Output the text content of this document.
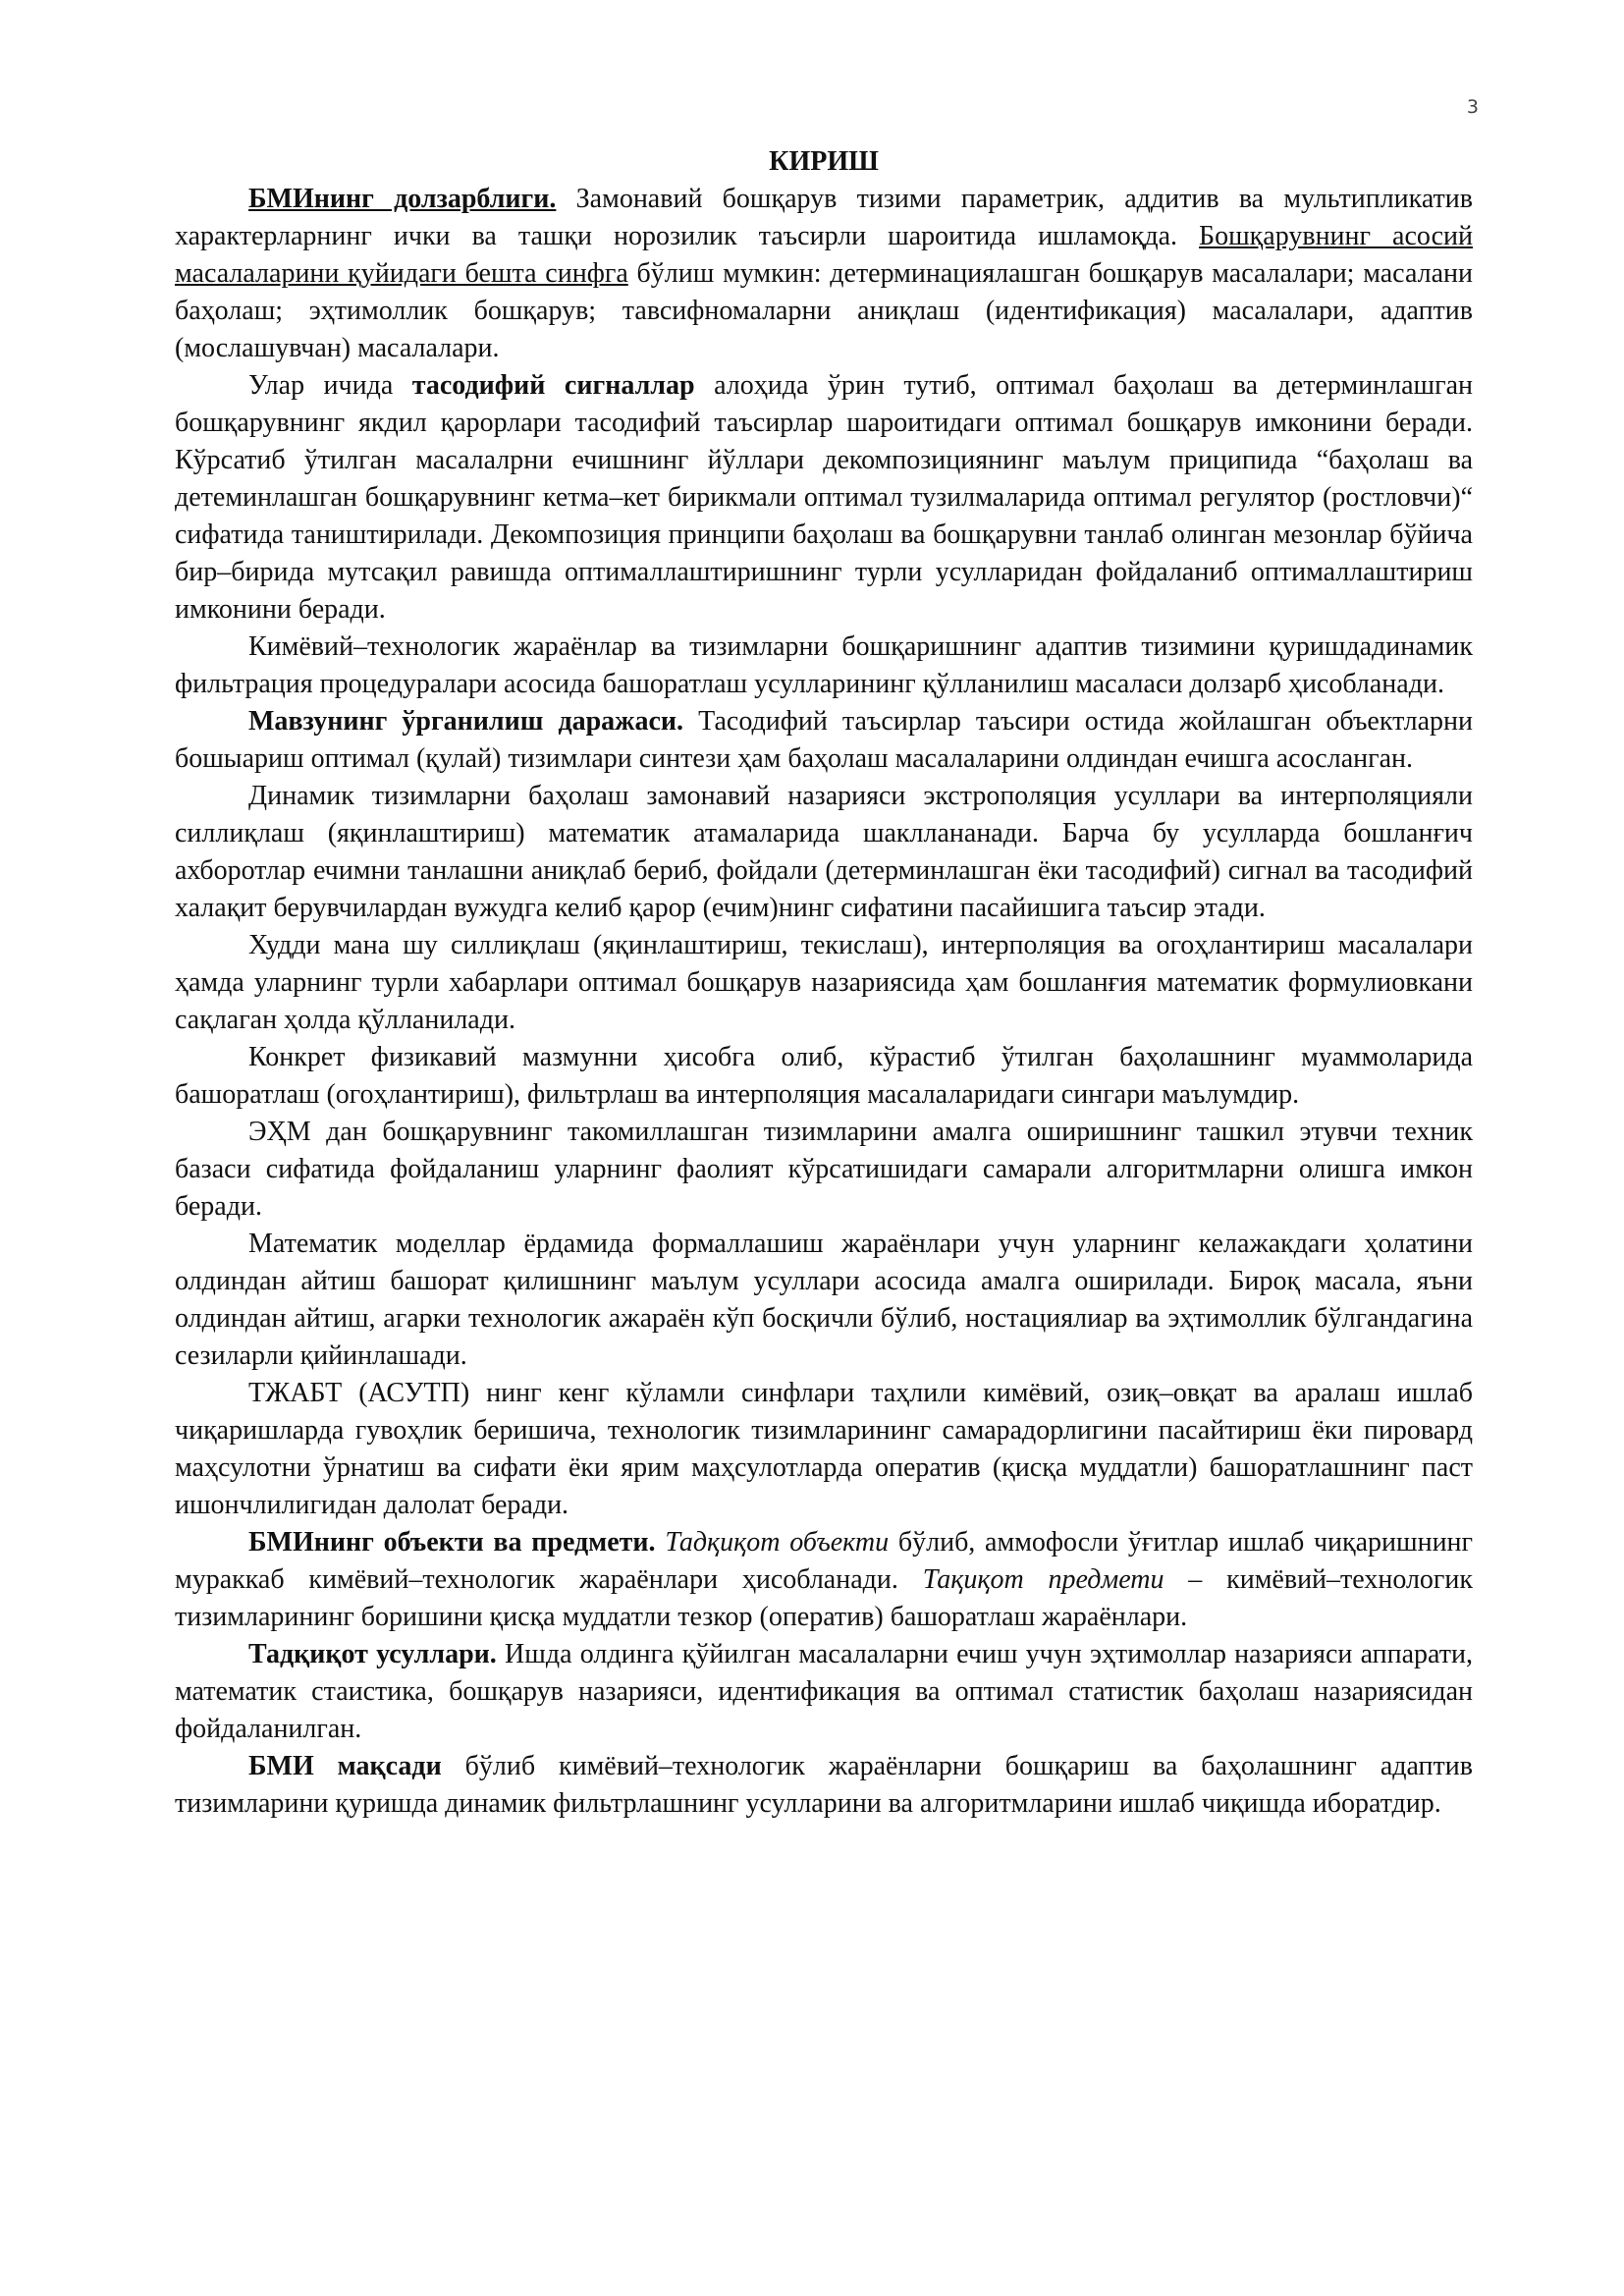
3
КИРИШ

БМИнинг долзарблиги. Замонавий бошқарув тизими параметрик, аддитив ва мультипликатив характерларнинг ички ва ташқи норозилик таъсирли шароитида ишламоқда. Бошқарувнинг асосий масалаларини қуйидаги бешта синфга бўлиш мумкин: детерминациялашган бошқарув масалалари; масалани баҳолаш; эҳтимоллик бошқарув; тавсифномаларни аниқлаш (идентификация) масалалари, адаптив (мослашувчан) масалалари.

Улар ичида тасодифий сигналлар алоҳида ўрин тутиб, оптимал баҳолаш ва детерминлашган бошқарувнинг якдил қарорлари тасодифий таъсирлар шароитидаги оптимал бошқарув имконини беради. Кўрсатиб ўтилган масалалрни ечишнинг йўллари декомпозициянинг маълум приципида “баҳолаш ва детеминлашган бошқарувнинг кетма–кет бирикмали оптимал тузилмаларида оптимал регулятор (ростловчи)“ сифатида таништирилади. Декомпозиция принципи баҳолаш ва бошқарувни танлаб олинган мезонлар бўйича бир–бирида мутсақил равишда оптималлаштиришнинг турли усулларидан фойдаланиб оптималлаштириш имконини беради.

Кимёвий–технологик жараёнлар ва тизимларни бошқаришнинг адаптив тизимини қуришдадинамик фильтрация процедуралари асосида башоратлаш усулларининг қўлланилиш масаласи долзарб ҳисобланади.

Мавзунинг ўрганилиш даражаси. Тасодифий таъсирлар таъсири остида жойлашган объектларни бошыариш оптимал (қулай) тизимлари синтези ҳам баҳолаш масалаларини олдиндан ечишга асосланган.

Динамик тизимларни баҳолаш замонавий назарияси экстрополяция усуллари ва интерполяцияли силлиқлаш (яқинлаштириш) математик атамаларида шакллананади. Барча бу усулларда бошланғич ахборотлар ечимни танлашни аниқлаб бериб, фойдали (детерминлашган ёки тасодифий) сигнал ва тасодифий халақит берувчилардан вужудга келиб қарор (ечим)нинг сифатини пасайишига таъсир этади.

Худди мана шу силлиқлаш (яқинлаштириш, текислаш), интерполяция ва огоҳлантириш масалалари ҳамда уларнинг турли хабарлари оптимал бошқарув назариясида ҳам бошланғия математик формулиовкани сақлаган ҳолда қўлланилади.

Конкрет физикавий мазмунни ҳисобга олиб, кўрастиб ўтилган баҳолашнинг муаммоларида башоратлаш (огоҳлантириш), фильтрлаш ва интерполяция масалаларидаги сингари маълумдир.

ЭҲМ дан бошқарувнинг такомиллашган тизимларини амалга оширишнинг ташкил этувчи техник базаси сифатида фойдаланиш уларнинг фаолият кўрсатишидаги самарали алгоритмларни олишга имкон беради.

Математик моделлар ёрдамида формаллашиш жараёнлари учун уларнинг келажакдаги ҳолатини олдиндан айтиш башорат қилишнинг маълум усуллари асосида амалга оширилади. Бироқ масала, яъни олдиндан айтиш, агарки технологик ажараён кўп босқичли бўлиб, ностациялиар ва эҳтимоллик бўлгандагина сезиларли қийинлашади.

ТЖАБТ (АСУТП) нинг кенг кўламли синфлари таҳлили кимёвий, озиқ–овқат ва аралаш ишлаб чиқаришларда гувоҳлик беришича, технологик тизимларининг самарадорлигини пасайтириш ёки пировард маҳсулотни ўрнатиш ва сифати ёки ярим маҳсулотларда оператив (қисқа муддатли) башоратлашнинг паст ишончлилигидан далолат беради.

БМИнинг объекти ва предмети. Тадқиқот объекти бўлиб, аммофосли ўғитлар ишлаб чиқаришнинг мураккаб кимёвий–технологик жараёнлари ҳисобланади. Тақиқот предмети – кимёвий–технологик тизимларининг боришини қисқа муддатли тезкор (оператив) башоратлаш жараёнлари.

Тадқиқот усуллари. Ишда олдинга қўйилган масалаларни ечиш учун эҳтимоллар назарияси аппарати, математик стаистика, бошқарув назарияси, идентификация ва оптимал статистик баҳолаш назариясидан фойдаланилган.

БМИ мақсади бўлиб кимёвий–технологик жараёнларни бошқариш ва баҳолашнинг адаптив тизимларини қуришда динамик фильтрлашнинг усулларини ва алгоритмларини ишлаб чиқишда иборатдир.
